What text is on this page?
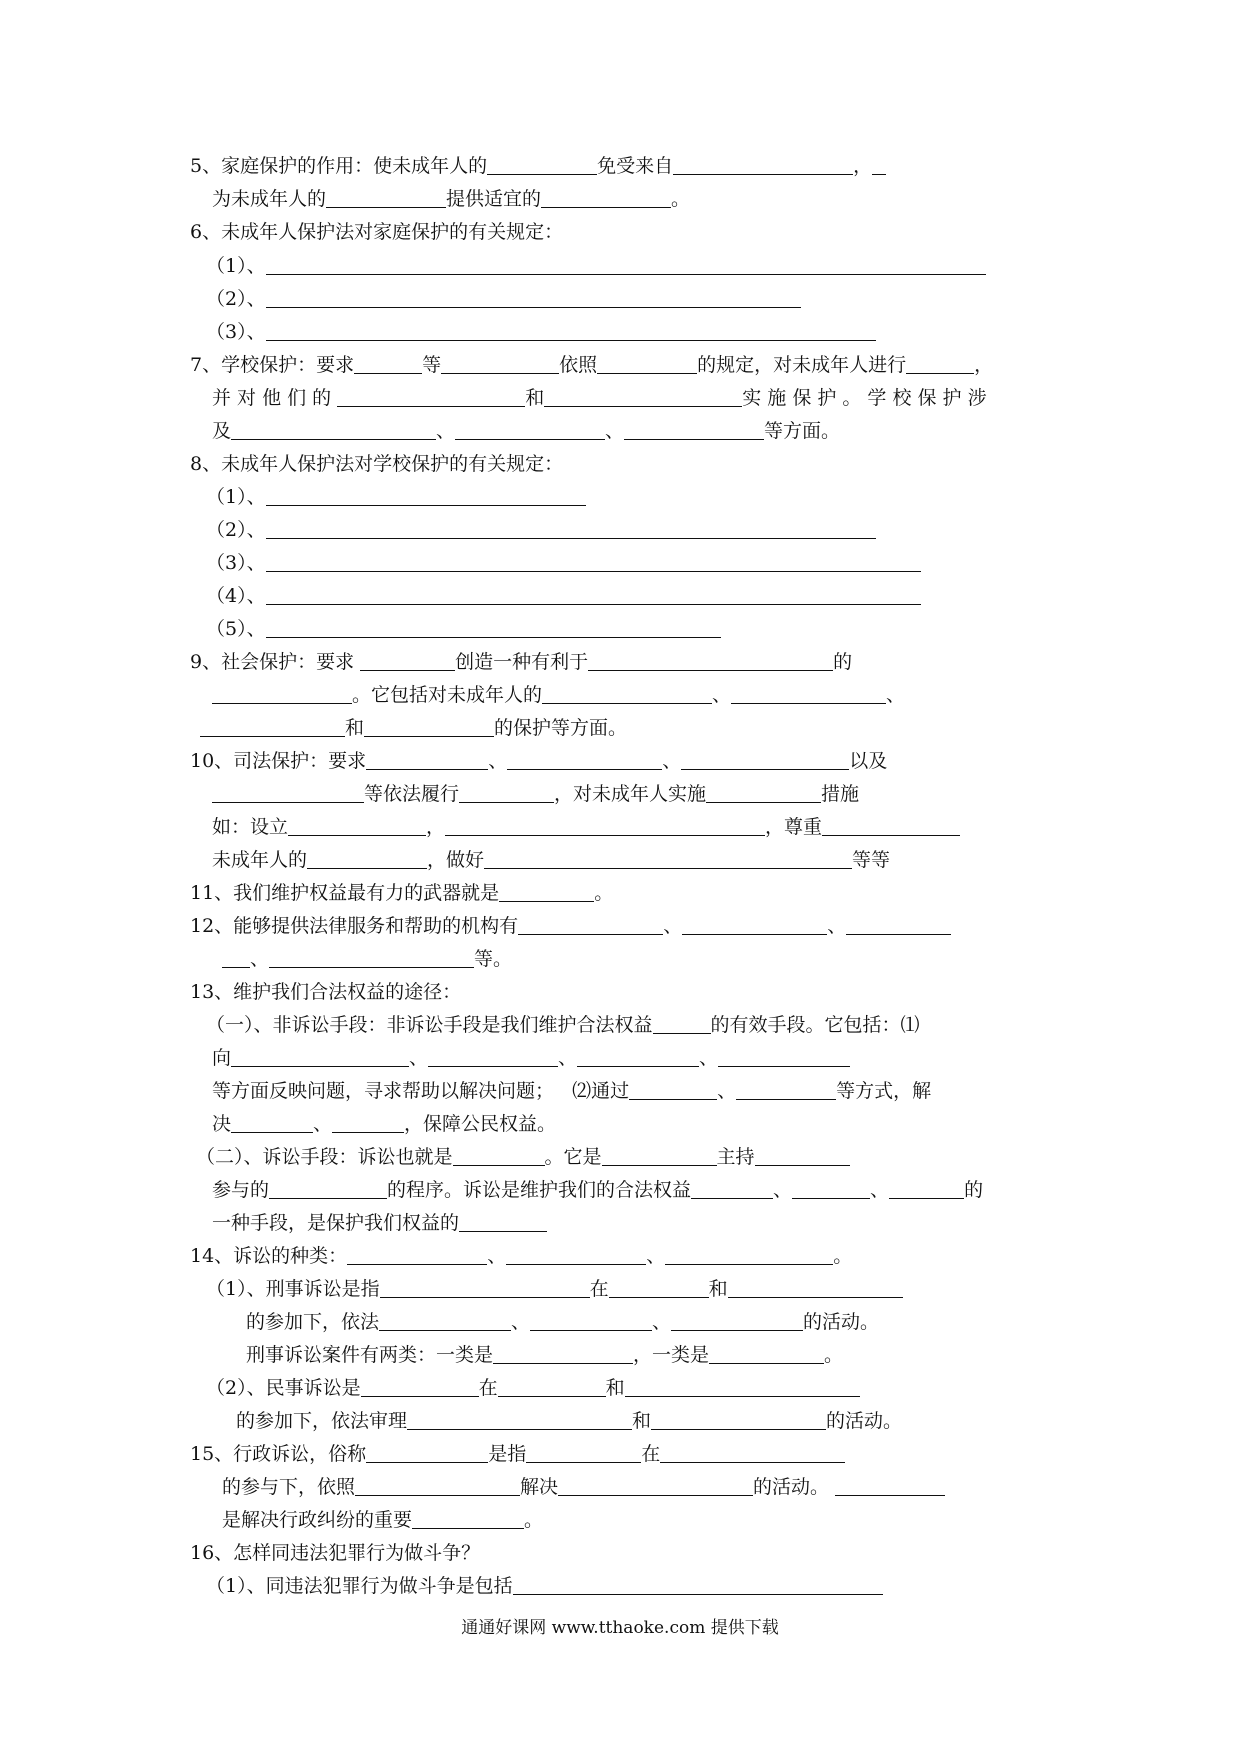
5、家庭保护的作用：使未成年人的	免受来自	，
为未成年人的	提供适宜的	。
6、未成年人保护法对家庭保护的有关规定：
（1）、
（2）、
（3）、
7、学校保护：要求	等	依照	的规定，对未成年人进行	，
并 对 他 们 的	和	实 施 保 护 。 学 校 保 护 涉
及	、	、	等方面。
8、未成年人保护法对学校保护的有关规定：
（1）、
（2）、
（3）、
（4）、
（5）、
9、社会保护：要求	创造一种有利于	的
。它包括对未成年人的	、	、
和	的保护等方面。
10、司法保护：要求	、	、	以及
等依法履行	，对未成年人实施	措施
如：设立	，	，尊重
未成年人的	，做好	等等
11、我们维护权益最有力的武器就是	。
12、能够提供法律服务和帮助的机构有	、	、
、	等。
13、维护我们合法权益的途径：
（一）、非诉讼手段：非诉讼手段是我们维护合法权益	的有效手段。它包括：⑴
向	、	、	、
等方面反映问题，寻求帮助以解决问题； ⑵通过	、	等方式，解
决	、	，保障公民权益。
（二）、诉讼手段：诉讼也就是	。它是	主持
参与的	的程序。诉讼是维护我们的合法权益	、	、	的
一种手段，是保护我们权益的
14、诉讼的种类：	、	、	。
（1）、刑事诉讼是指	在	和
的参加下，依法	、	、	的活动。
刑事诉讼案件有两类：一类是	，一类是	。
（2）、民事诉讼是	在	和
的参加下，依法审理	和	的活动。
15、行政诉讼，俗称	是指	在
的参与下，依照	解决	的活动。
是解决行政纠纷的重要	。
16、怎样同违法犯罪行为做斗争？
（1）、同违法犯罪行为做斗争是包括
通通好课网 www.tthaoke.com 提供下载
